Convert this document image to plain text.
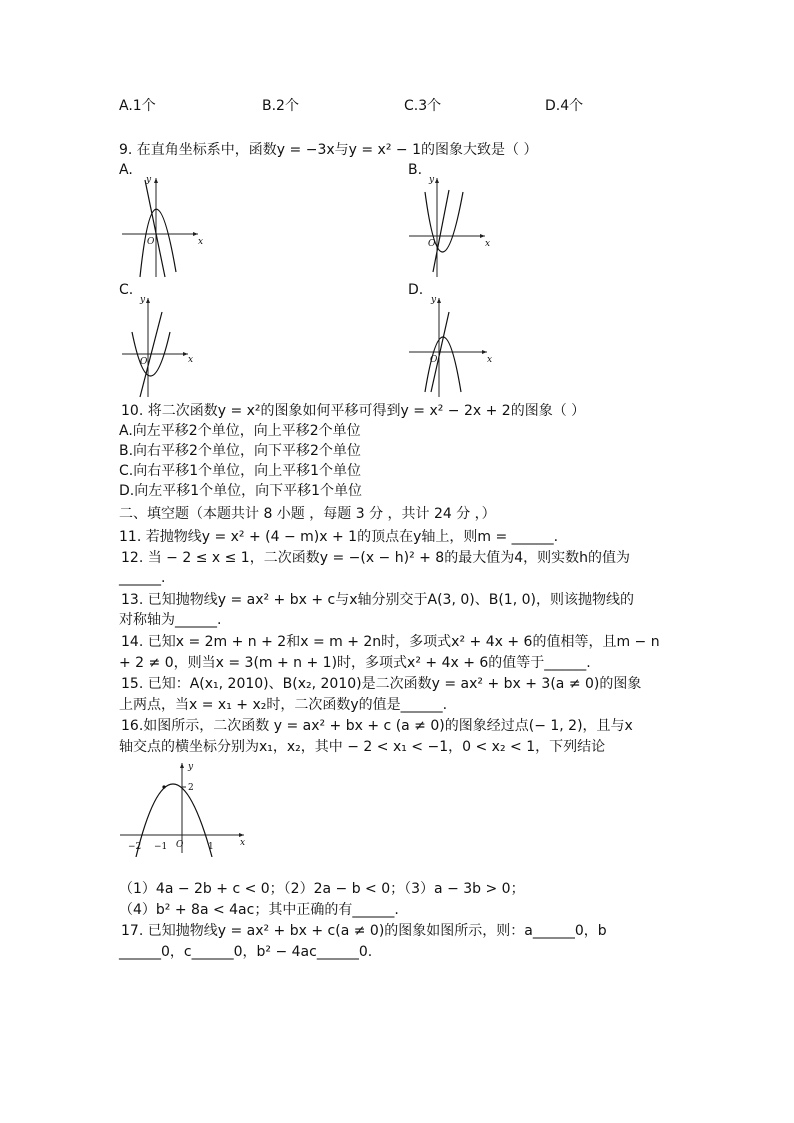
A.1个	B.2个	C.3个	D.4个
9. 在直角坐标系中，函数y = −3x与y = x² − 1的图象大致是（ ）
A.	B.
C.	D.
y
x
O
y
x
O
y
x
O
y
x
O
10. 将二次函数y = x²的图象如何平移可得到y = x² − 2x + 2的图象（ ）
A.向左平移2个单位，向上平移2个单位
B.向右平移2个单位，向下平移2个单位
C.向右平移1个单位，向上平移1个单位
D.向左平移1个单位，向下平移1个单位
二、填空题（本题共计 8 小题 ，每题 3 分 ，共计 24 分 ，）
11. 若抛物线y = x² + (4 − m)x + 1的顶点在y轴上，则m = ______.
12. 当 − 2 ≤ x ≤ 1，二次函数y = −(x − h)² + 8的最大值为4，则实数h的值为
______.
13. 已知抛物线y = ax² + bx + c与x轴分别交于A(3, 0)、B(1, 0)，则该抛物线的
对称轴为______.
14. 已知x = 2m + n + 2和x = m + 2n时，多项式x² + 4x + 6的值相等，且m − n
+ 2 ≠ 0，则当x = 3(m + n + 1)时，多项式x² + 4x + 6的值等于______.
15. 已知：A(x₁, 2010)、B(x₂, 2010)是二次函数y = ax² + bx + 3(a ≠ 0)的图象
上两点，当x = x₁ + x₂时，二次函数y的值是______.
16.如图所示，二次函数 y = ax² + bx + c (a ≠ 0)的图象经过点(− 1, 2)，且与x
轴交点的横坐标分别为x₁，x₂，其中 − 2 < x₁ < −1，0 < x₂ < 1，下列结论
y
x
O
2
−2 −1	1
（1）4a − 2b + c < 0；（2）2a − b < 0；（3）a − 3b > 0；
（4）b² + 8a < 4ac；其中正确的有______.
17. 已知抛物线y = ax² + bx + c(a ≠ 0)的图象如图所示，则：a______0，b
______0，c______0，b² − 4ac______0.
